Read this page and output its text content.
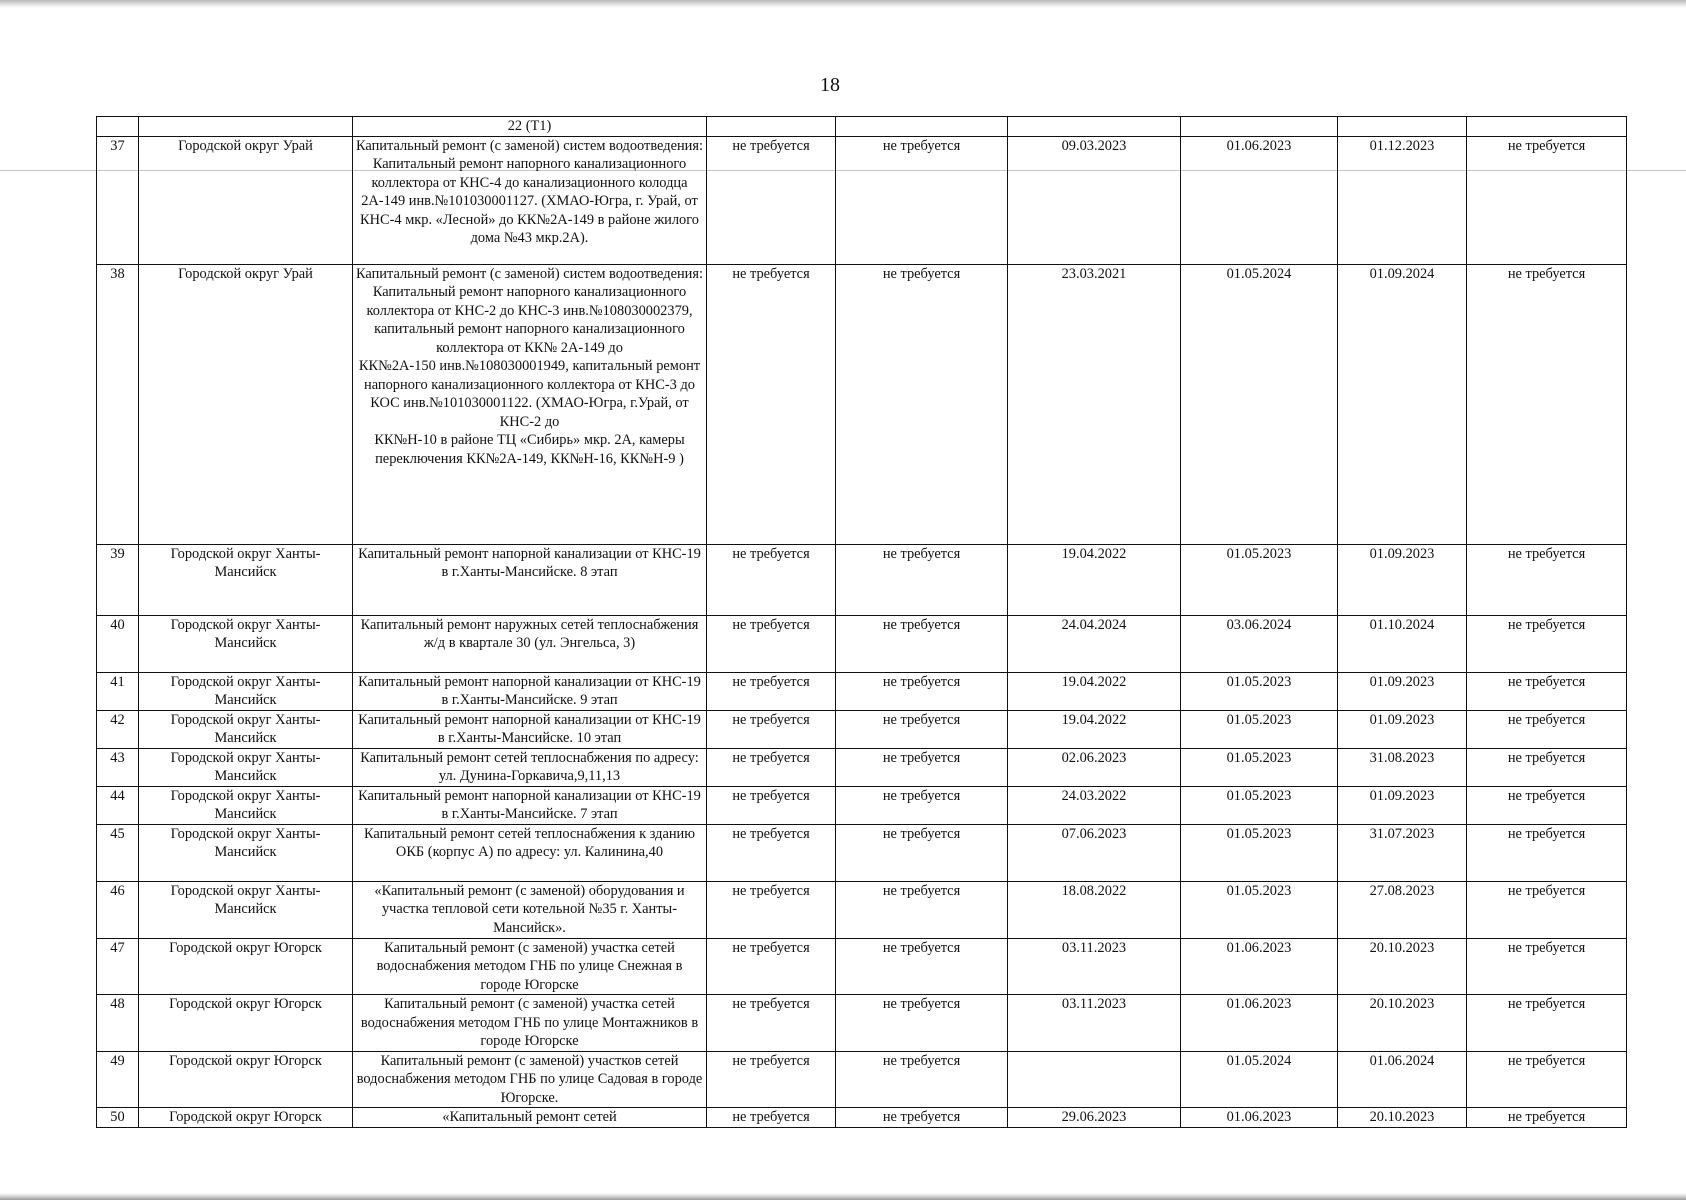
18
		22 (Т1)						
37	Городской округ Урай	Капитальный ремонт (с заменой) систем водоотведения: Капитальный ремонт напорного канализационного коллектора от КНС-4 до канализационного колодца 2А-149 инв.№101030001127. (ХМАО-Югра, г. Урай, от КНС-4 мкр. «Лесной» до КК№2А-149 в районе жилого дома №43 мкр.2А).	не требуется	не требуется	09.03.2023	01.06.2023	01.12.2023	не требуется
38	Городской округ Урай	Капитальный ремонт (с заменой) систем водоотведения: Капитальный ремонт напорного канализационного коллектора от КНС-2 до КНС-3 инв.№108030002379, капитальный ремонт напорного канализационного коллектора от КК№ 2А-149 до
КК№2А-150 инв.№108030001949, капитальный ремонт напорного канализационного коллектора от КНС-3 до КОС инв.№101030001122. (ХМАО-Югра, г.Урай, от КНС-2 до
КК№Н-10 в районе ТЦ «Сибирь» мкр. 2А, камеры переключения КК№2А-149, КК№Н-16, КК№Н-9 )	не требуется	не требуется	23.03.2021	01.05.2024	01.09.2024	не требуется
39	Городской округ Ханты-Мансийск	Капитальный ремонт напорной канализации от КНС-19 в г.Ханты-Мансийске. 8 этап	не требуется	не требуется	19.04.2022	01.05.2023	01.09.2023	не требуется
40	Городской округ Ханты-Мансийск	Капитальный ремонт наружных сетей теплоснабжения ж/д в квартале 30 (ул. Энгельса, 3)	не требуется	не требуется	24.04.2024	03.06.2024	01.10.2024	не требуется
41	Городской округ Ханты-Мансийск	Капитальный ремонт напорной канализации от КНС-19 в г.Ханты-Мансийске. 9 этап	не требуется	не требуется	19.04.2022	01.05.2023	01.09.2023	не требуется
42	Городской округ Ханты-Мансийск	Капитальный ремонт напорной канализации от КНС-19 в г.Ханты-Мансийске. 10 этап	не требуется	не требуется	19.04.2022	01.05.2023	01.09.2023	не требуется
43	Городской округ Ханты-Мансийск	Капитальный ремонт сетей теплоснабжения по адресу: ул. Дунина-Горкавича,9,11,13	не требуется	не требуется	02.06.2023	01.05.2023	31.08.2023	не требуется
44	Городской округ Ханты-Мансийск	Капитальный ремонт напорной канализации от КНС-19 в г.Ханты-Мансийске. 7 этап	не требуется	не требуется	24.03.2022	01.05.2023	01.09.2023	не требуется
45	Городской округ Ханты-Мансийск	Капитальный ремонт сетей теплоснабжения к зданию ОКБ (корпус А) по адресу: ул. Калинина,40	не требуется	не требуется	07.06.2023	01.05.2023	31.07.2023	не требуется
46	Городской округ Ханты-Мансийск	«Капитальный ремонт (с заменой) оборудования и участка тепловой сети котельной №35 г. Ханты-Мансийск».	не требуется	не требуется	18.08.2022	01.05.2023	27.08.2023	не требуется
47	Городской округ Югорск	Капитальный ремонт (с заменой) участка сетей водоснабжения методом ГНБ по улице Снежная в городе Югорске	не требуется	не требуется	03.11.2023	01.06.2023	20.10.2023	не требуется
48	Городской округ Югорск	Капитальный ремонт (с заменой) участка сетей водоснабжения методом ГНБ по улице Монтажников в городе Югорске	не требуется	не требуется	03.11.2023	01.06.2023	20.10.2023	не требуется
49	Городской округ Югорск	Капитальный ремонт (с заменой) участков сетей водоснабжения методом ГНБ по улице Садовая в городе Югорске.	не требуется	не требуется		01.05.2024	01.06.2024	не требуется
50	Городской округ Югорск	«Капитальный ремонт сетей	не требуется	не требуется	29.06.2023	01.06.2023	20.10.2023	не требуется
